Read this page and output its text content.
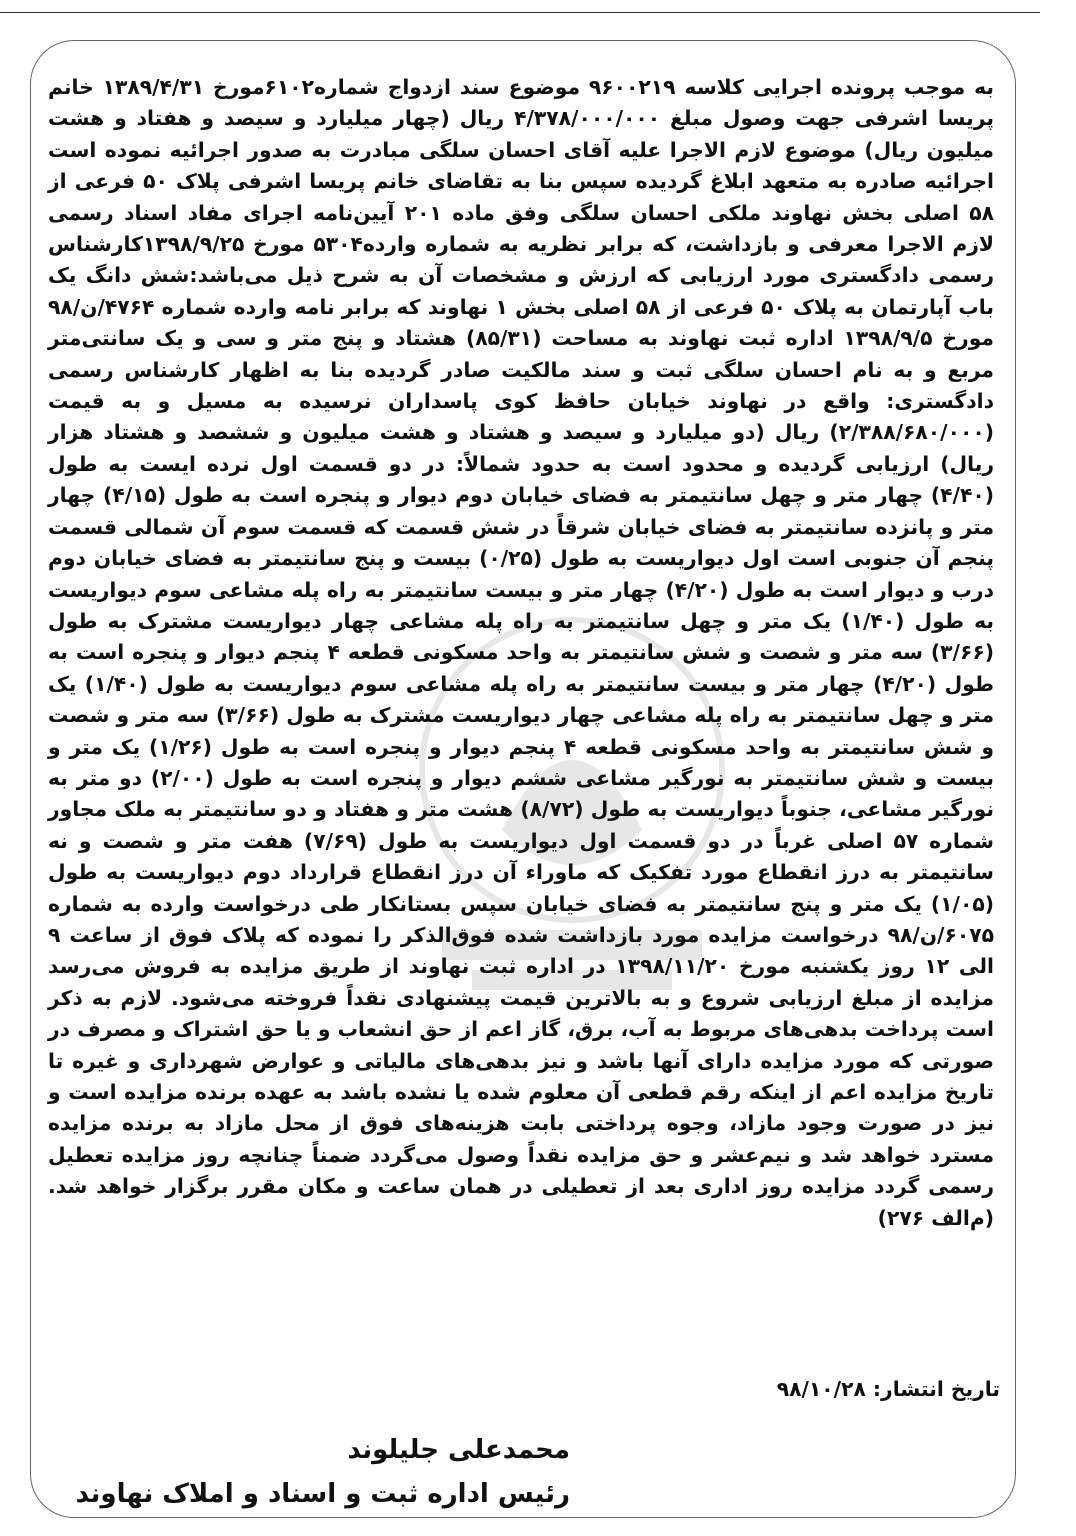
به موجب پرونده اجرایی کلاسه ۹۶۰۰۲۱۹ موضوع سند ازدواج شماره۶۱۰۲مورخ ۱۳۸۹/۴/۳۱ خانم پریسا اشرفی جهت وصول مبلغ ۴/۳۷۸/۰۰۰/۰۰۰ ریال (چهار میلیارد و سیصد و هفتاد و هشت میلیون ریال) موضوع لازم الاجرا علیه آقای احسان سلگی مبادرت به صدور اجرائیه نموده است اجرائیه صادره به متعهد ابلاغ گردیده سپس بنا به تقاضای خانم پریسا اشرفی پلاک ۵۰ فرعی از ۵۸ اصلی بخش نهاوند ملکی احسان سلگی وفق ماده ۲۰۱ آیین‌نامه اجرای مفاد اسناد رسمی لازم الاجرا معرفی و بازداشت، که برابر نظریه به شماره وارده۵۳۰۴ مورخ ۱۳۹۸/۹/۲۵کارشناس رسمی دادگستری مورد ارزیابی که ارزش و مشخصات آن به شرح ذیل می‌باشد:شش دانگ یک باب آپارتمان به پلاک ۵۰ فرعی از ۵۸ اصلی بخش ۱ نهاوند که برابر نامه وارده شماره ۴۷۶۴/ن/۹۸ مورخ ۱۳۹۸/۹/۵ اداره ثبت نهاوند به مساحت (۸۵/۳۱) هشتاد و پنج متر و سی و یک سانتی‌متر مربع و به نام احسان سلگی ثبت و سند مالکیت صادر گردیده بنا به اظهار کارشناس رسمی دادگستری: واقع در نهاوند خیابان حافظ کوی پاسداران نرسیده به مسیل و به قیمت (۲/۳۸۸/۶۸۰/۰۰۰) ریال (دو میلیارد و سیصد و هشتاد و هشت میلیون و ششصد و هشتاد هزار ریال) ارزیابی گردیده و محدود است به حدود شمالاً: در دو قسمت اول نرده ایست به طول (۴/۴۰) چهار متر و چهل سانتیمتر به فضای خیابان دوم دیوار و پنجره است به طول (۴/۱۵) چهار متر و پانزده سانتیمتر به فضای خیابان شرقاً در شش قسمت که قسمت سوم آن شمالی قسمت پنجم آن جنوبی است اول دیواریست به طول (۰/۲۵) بیست و پنج سانتیمتر به فضای خیابان دوم درب و دیوار است به طول (۴/۲۰) چهار متر و بیست سانتیمتر به راه پله مشاعی سوم دیواریست به طول (۱/۴۰) یک متر و چهل سانتیمتر به راه پله مشاعی چهار دیواریست مشترک به طول (۳/۶۶) سه متر و شصت و شش سانتیمتر به واحد مسکونی قطعه ۴ پنجم دیوار و پنجره است به طول (۴/۲۰) چهار متر و بیست سانتیمتر به راه پله مشاعی سوم دیواریست به طول (۱/۴۰) یک متر و چهل سانتیمتر به راه پله مشاعی چهار دیواریست مشترک به طول (۳/۶۶) سه متر و شصت و شش سانتیمتر به واحد مسکونی قطعه ۴ پنجم دیوار و پنجره است به طول (۱/۲۶) یک متر و بیست و شش سانتیمتر به نورگیر مشاعی ششم دیوار و پنجره است به طول (۲/۰۰) دو متر به نورگیر مشاعی، جنوباً دیواریست به طول (۸/۷۲) هشت متر و هفتاد و دو سانتیمتر به ملک مجاور شماره ۵۷ اصلی غرباً در دو قسمت اول دیواریست به طول (۷/۶۹) هفت متر و شصت و نه سانتیمتر به درز انقطاع مورد تفکیک که ماوراء آن درز انقطاع قرارداد دوم دیواریست به طول (۱/۰۵) یک متر و پنج سانتیمتر به فضای خیابان سپس بستانکار طی درخواست وارده به شماره ۶۰۷۵/ن/۹۸ درخواست مزایده مورد بازداشت شده فوق‌الذکر را نموده که پلاک فوق از ساعت ۹ الی ۱۲ روز یکشنبه مورخ ۱۳۹۸/۱۱/۲۰ در اداره ثبت نهاوند از طریق مزایده به فروش می‌رسد مزایده از مبلغ ارزیابی شروع و به بالاترین قیمت پیشنهادی نقداً فروخته می‌شود. لازم به ذکر است پرداخت بدهی‌های مربوط به آب، برق، گاز اعم از حق انشعاب و یا حق اشتراک و مصرف در صورتی که مورد مزایده دارای آنها باشد و نیز بدهی‌های مالیاتی و عوارض شهرداری و غیره تا تاریخ مزایده اعم از اینکه رقم قطعی آن معلوم شده یا نشده باشد به عهده برنده مزایده است و نیز در صورت وجود مازاد، وجوه پرداختی بابت هزینه‌های فوق از محل مازاد به برنده مزایده مسترد خواهد شد و نیم‌عشر و حق مزایده نقداً وصول می‌گردد ضمناً چنانچه روز مزایده تعطیل رسمی گردد مزایده روز اداری بعد از تعطیلی در همان ساعت و مکان مقرر برگزار خواهد شد.(م‌الف ۲۷۶)

تاریخ انتشار: ۹۸/۱۰/۲۸
محمدعلی جلیلوند
رئیس اداره ثبت و اسناد و املاک نهاوند
